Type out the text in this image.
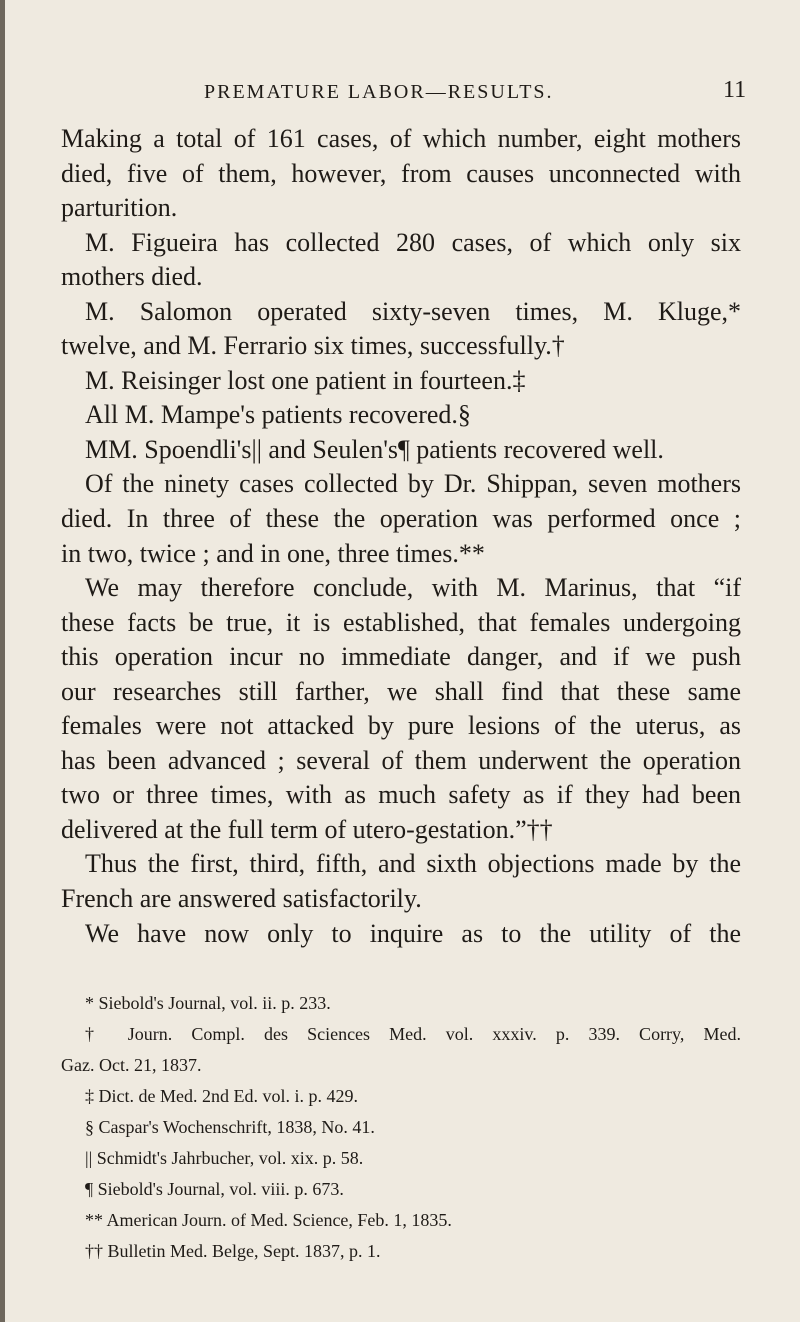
PREMATURE LABOR—RESULTS.	11
Making a total of 161 cases, of which number, eight mothers
died, five of them, however, from causes unconnected with
parturition.
M. Figueira has collected 280 cases, of which only six
mothers died.
M. Salomon operated sixty-seven times, M. Kluge,*
twelve, and M. Ferrario six times, successfully.†
M. Reisinger lost one patient in fourteen.‡
All M. Mampe's patients recovered.§
MM. Spoendli's|| and Seulen's¶ patients recovered well.
Of the ninety cases collected by Dr. Shippan, seven mothers
died. In three of these the operation was performed once ;
in two, twice ; and in one, three times.**
We may therefore conclude, with M. Marinus, that “if
these facts be true, it is established, that females undergoing
this operation incur no immediate danger, and if we push
our researches still farther, we shall find that these same
females were not attacked by pure lesions of the uterus, as
has been advanced ; several of them underwent the operation
two or three times, with as much safety as if they had been
delivered at the full term of utero-gestation.”††
Thus the first, third, fifth, and sixth objections made by the
French are answered satisfactorily.
We have now only to inquire as to the utility of the
* Siebold's Journal, vol. ii. p. 233.
† Journ. Compl. des Sciences Med. vol. xxxiv. p. 339. Corry, Med.
Gaz. Oct. 21, 1837.
‡ Dict. de Med. 2nd Ed. vol. i. p. 429.
§ Caspar's Wochenschrift, 1838, No. 41.
|| Schmidt's Jahrbucher, vol. xix. p. 58.
¶ Siebold's Journal, vol. viii. p. 673.
** American Journ. of Med. Science, Feb. 1, 1835.
†† Bulletin Med. Belge, Sept. 1837, p. 1.
